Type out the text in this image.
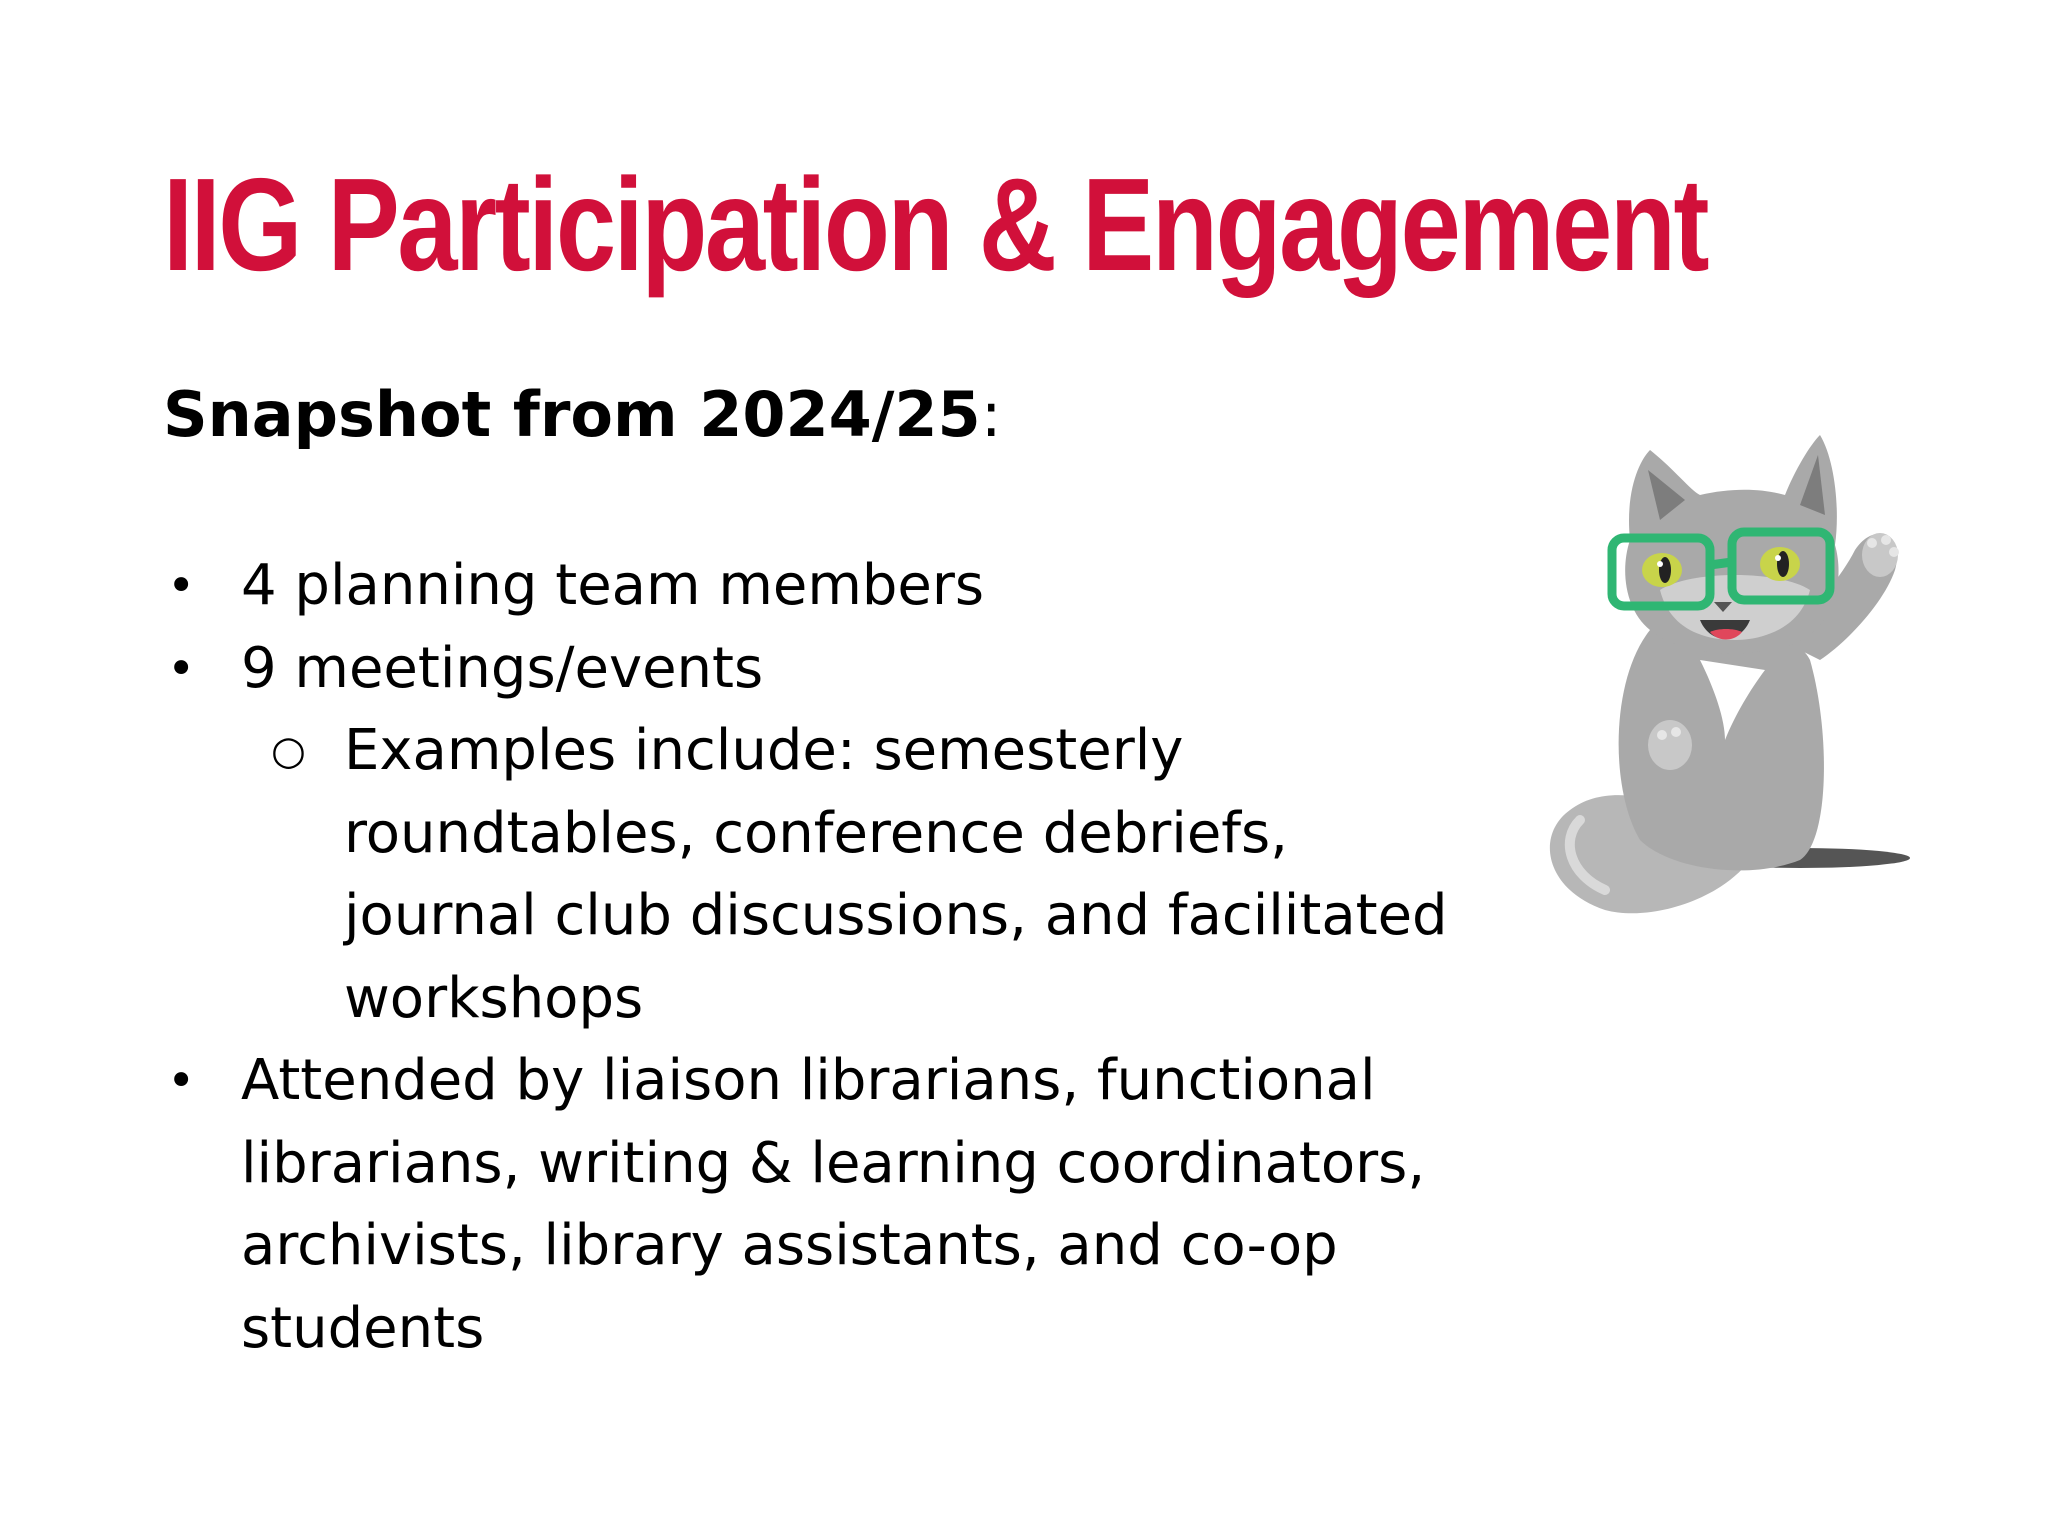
IIG Participation & Engagement

Snapshot from 2024/25:

• 4 planning team members
• 9 meetings/events
○ Examples include: semesterly roundtables, conference debriefs, journal club discussions, and facilitated workshops
• Attended by liaison librarians, functional librarians, writing & learning coordinators, archivists, library assistants, and co-op students
